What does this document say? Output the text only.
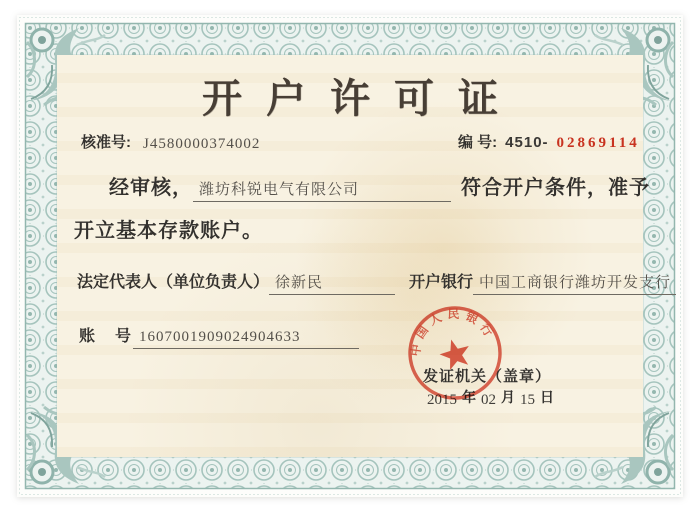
开户许可证
核准号: J4580000374002	编 号: 4510- 02869114
经审核， 潍坊科锐电气有限公司	符合开户条件，准予
开立基本存款账户。
法定代表人（单位负责人） 徐新民	开户银行 中国工商银行潍坊开发支行
账　号 1607001909024904633
发证机关（盖章）
2015 年 02 月 15 日
中国人民银行
